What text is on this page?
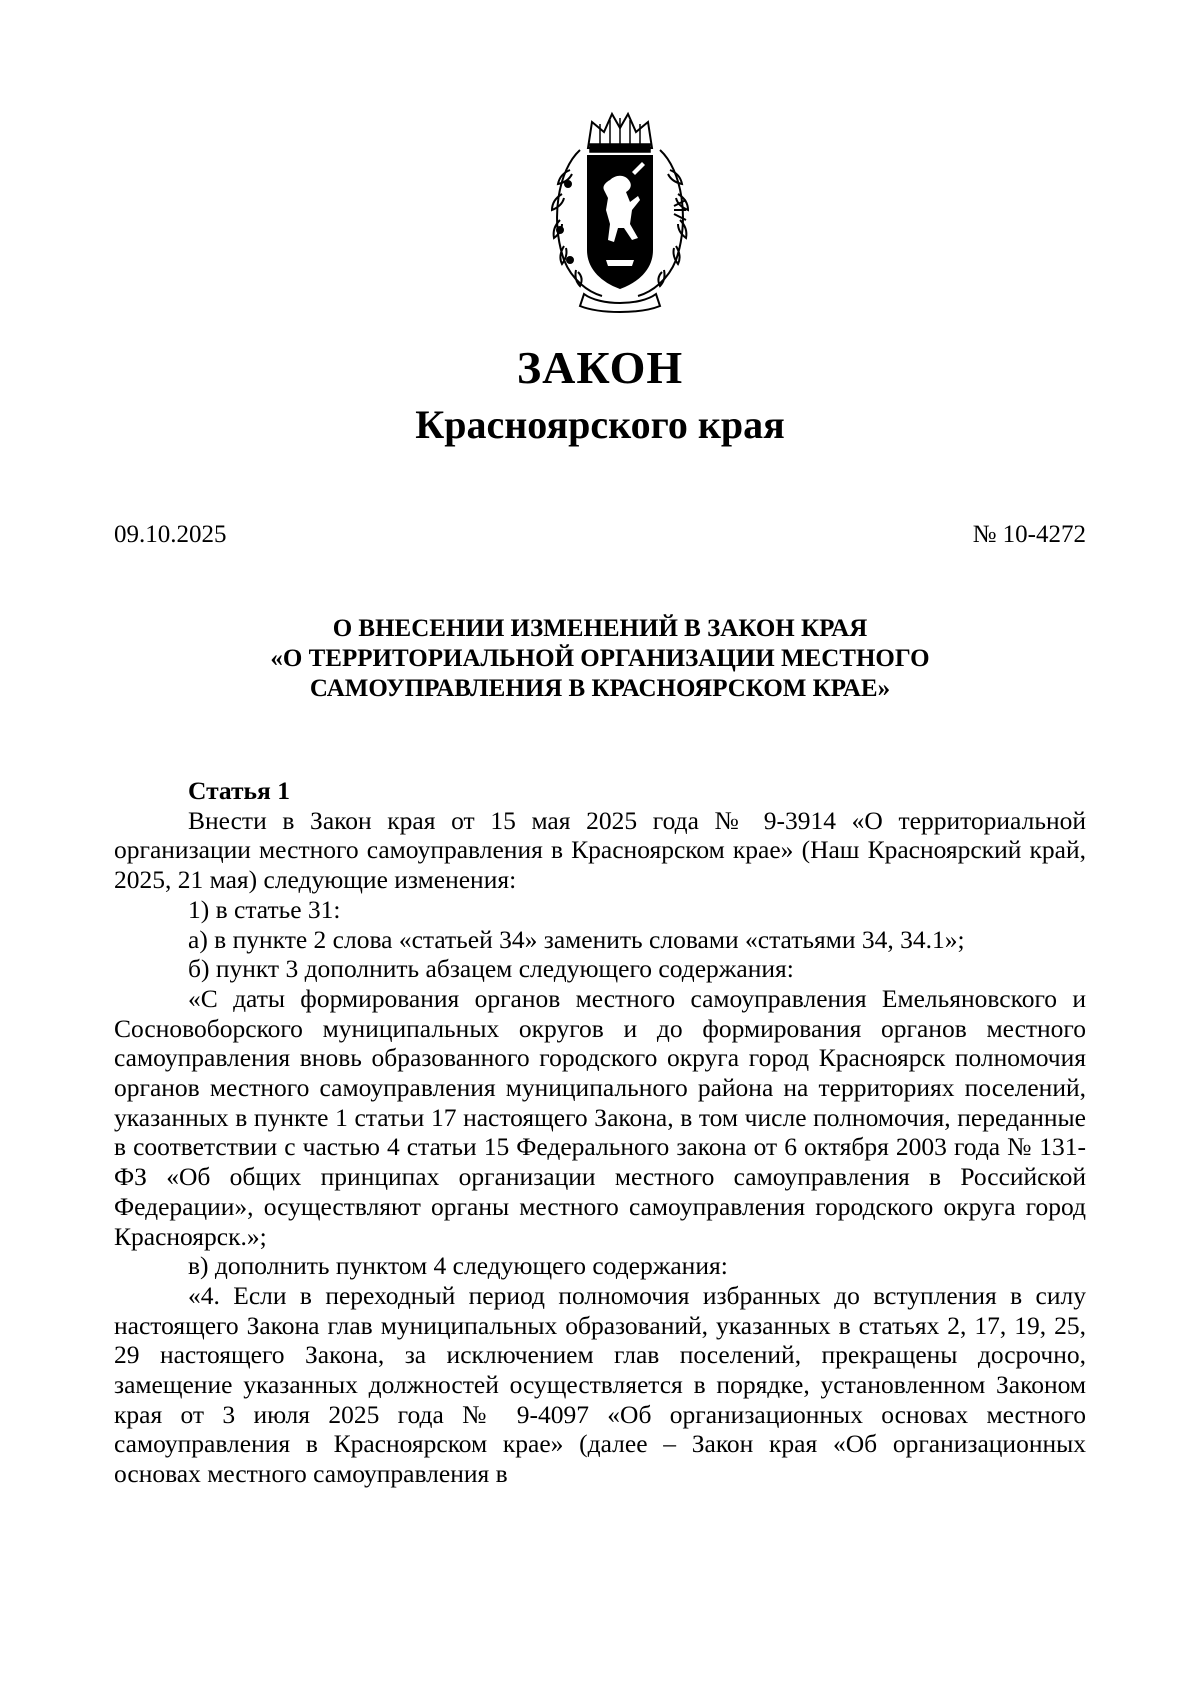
ЗАКОН
Красноярского края
09.10.2025	№ 10-4272
О ВНЕСЕНИИ ИЗМЕНЕНИЙ В ЗАКОН КРАЯ
«О ТЕРРИТОРИАЛЬНОЙ ОРГАНИЗАЦИИ МЕСТНОГО
САМОУПРАВЛЕНИЯ В КРАСНОЯРСКОМ КРАЕ»

Статья 1

Внести в Закон края от 15 мая 2025 года № 9-3914 «О территориальной организации местного самоуправления в Красноярском крае» (Наш Красноярский край, 2025, 21 мая) следующие изменения:

1) в статье 31:

а) в пункте 2 слова «статьей 34» заменить словами «статьями 34, 34.1»;

б) пункт 3 дополнить абзацем следующего содержания:

«С даты формирования органов местного самоуправления Емельяновского и Сосновоборского муниципальных округов и до формирования органов местного самоуправления вновь образованного городского округа город Красноярск полномочия органов местного самоуправления муниципального района на территориях поселений, указанных в пункте 1 статьи 17 настоящего Закона, в том числе полномочия, переданные в соответствии с частью 4 статьи 15 Федерального закона от 6 октября 2003 года № 131-ФЗ «Об общих принципах организации местного самоуправления в Российской Федерации», осуществляют органы местного самоуправления городского округа город Красноярск.»;

в) дополнить пунктом 4 следующего содержания:

«4. Если в переходный период полномочия избранных до вступления в силу настоящего Закона глав муниципальных образований, указанных в статьях 2, 17, 19, 25, 29 настоящего Закона, за исключением глав поселений, прекращены досрочно, замещение указанных должностей осуществляется в порядке, установленном Законом края от 3 июля 2025 года № 9-4097 «Об организационных основах местного самоуправления в Красноярском крае» (далее – Закон края «Об организационных основах местного самоуправления в
